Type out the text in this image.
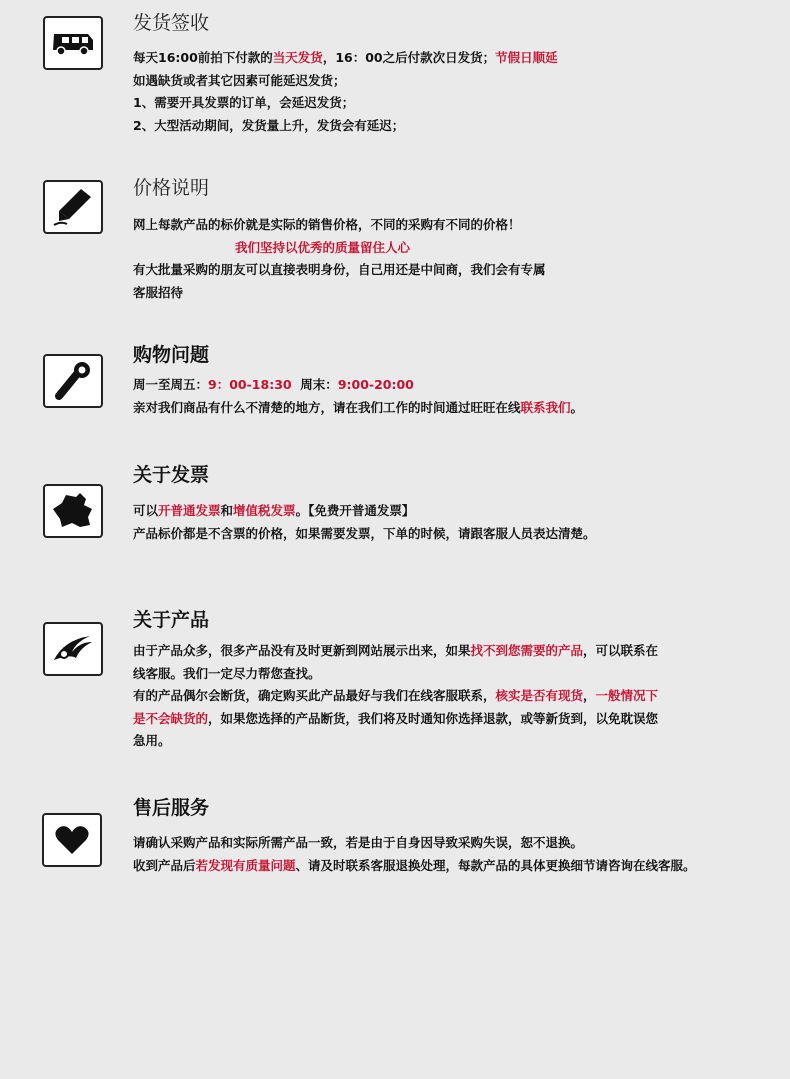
发货签收
每天16:00前拍下付款的当天发货，16：00之后付款次日发货；节假日顺延
如遇缺货或者其它因素可能延迟发货；
1、需要开具发票的订单，会延迟发货；
2、大型活动期间，发货量上升，发货会有延迟；
价格说明
网上每款产品的标价就是实际的销售价格，不同的采购有不同的价格！
我们坚持以优秀的质量留住人心
有大批量采购的朋友可以直接表明身份，自己用还是中间商，我们会有专属
客服招待
购物问题
周一至周五：9：00-18:30  周末：9:00-20:00
亲对我们商品有什么不清楚的地方，请在我们工作的时间通过旺旺在线联系我们。
关于发票
可以开普通发票和增值税发票。【免费开普通发票】
产品标价都是不含票的价格，如果需要发票，下单的时候，请跟客服人员表达清楚。
关于产品
由于产品众多，很多产品没有及时更新到网站展示出来，如果找不到您需要的产品，可以联系在
线客服。我们一定尽力帮您查找。
有的产品偶尔会断货，确定购买此产品最好与我们在线客服联系，核实是否有现货，一般情况下
是不会缺货的，如果您选择的产品断货，我们将及时通知你选择退款，或等新货到，以免耽误您
急用。
售后服务
请确认采购产品和实际所需产品一致，若是由于自身因导致采购失误，恕不退换。
收到产品后若发现有质量问题、请及时联系客服退换处理，每款产品的具体更换细节请咨询在线客服。
